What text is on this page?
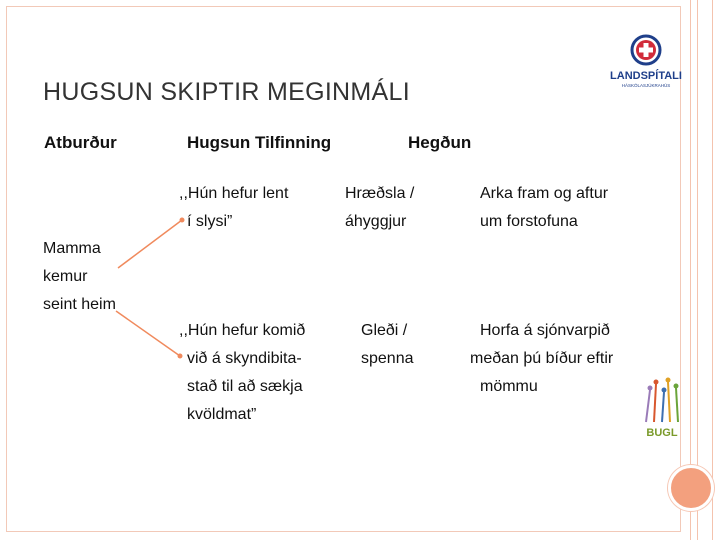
LANDSPÍTALI
HÁSKÓLASJÚKRAHÚS
HUGSUN SKIPTIR MEGINMÁLI
Atburður	Hugsun Tilfinning	Hegðun
Mamma
kemur
seint heim
,,Hún hefur lent
í slysi”
Hræðsla /
áhyggjur
Arka fram og aftur
um forstofuna
,,Hún hefur komið
við á skyndibita-
stað til að sækja
kvöldmat”
Gleði /
spenna
Horfa á sjónvarpið
meðan þú bíður eftir
mömmu
BUGL
